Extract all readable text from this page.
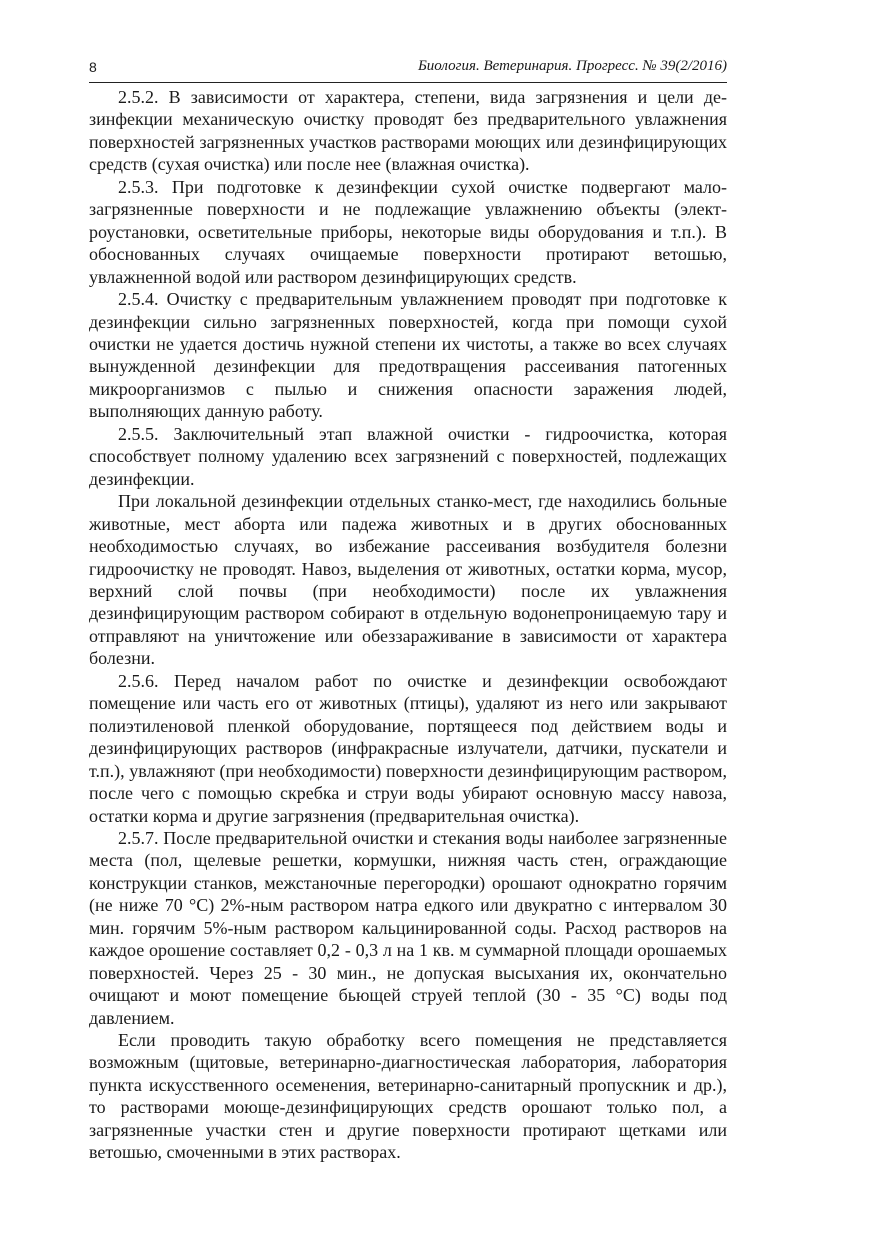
8	Биология. Ветеринария. Прогресс. № 39(2/2016)

2.5.2. В зависимости от характера, степени, вида загрязнения и цели дезинфекции механическую очистку проводят без предварительного увлажнения поверхностей загрязненных участков растворами моющих или дезинфицирующих средств (сухая очистка) или после нее (влажная очистка).

2.5.3. При подготовке к дезинфекции сухой очистке подвергают малозагрязненные поверхности и не подлежащие увлажнению объекты (электроустановки, осветительные приборы, некоторые виды оборудования и т.п.). В обоснованных случаях очищаемые поверхности протирают ветошью, увлажненной водой или раствором дезинфицирующих средств.

2.5.4. Очистку с предварительным увлажнением проводят при подготовке к дезинфекции сильно загрязненных поверхностей, когда при помощи сухой очистки не удается достичь нужной степени их чистоты, а также во всех случаях вынужденной дезинфекции для предотвращения рассеивания патогенных микроорганизмов с пылью и снижения опасности заражения людей, выполняющих данную работу.

2.5.5. Заключительный этап влажной очистки - гидроочистка, которая способствует полному удалению всех загрязнений с поверхностей, подлежащих дезинфекции.

При локальной дезинфекции отдельных станко-мест, где находились больные животные, мест аборта или падежа животных и в других обоснованных необходимостью случаях, во избежание рассеивания возбудителя болезни гидроочистку не проводят. Навоз, выделения от животных, остатки корма, мусор, верхний слой почвы (при необходимости) после их увлажнения дезинфицирующим раствором собирают в отдельную водонепроницаемую тару и отправляют на уничтожение или обеззараживание в зависимости от характера болезни.

2.5.6. Перед началом работ по очистке и дезинфекции освобождают помещение или часть его от животных (птицы), удаляют из него или закрывают полиэтиленовой пленкой оборудование, портящееся под действием воды и дезинфицирующих растворов (инфракрасные излучатели, датчики, пускатели и т.п.), увлажняют (при необходимости) поверхности дезинфицирующим раствором, после чего с помощью скребка и струи воды убирают основную массу навоза, остатки корма и другие загрязнения (предварительная очистка).

2.5.7. После предварительной очистки и стекания воды наиболее загрязненные места (пол, щелевые решетки, кормушки, нижняя часть стен, ограждающие конструкции станков, межстаночные перегородки) орошают однократно горячим (не ниже 70 °С) 2%-ным раствором натра едкого или двукратно с интервалом 30 мин. горячим 5%-ным раствором кальцинированной соды. Расход растворов на каждое орошение составляет 0,2 - 0,3 л на 1 кв. м суммарной площади орошаемых поверхностей. Через 25 - 30 мин., не допуская высыхания их, окончательно очищают и моют помещение бьющей струей теплой (30 - 35 °С) воды под давлением.

Если проводить такую обработку всего помещения не представляется возможным (щитовые, ветеринарно-диагностическая лаборатория, лаборатория пункта искусственного осеменения, ветеринарно-санитарный пропускник и др.), то растворами моюще-дезинфицирующих средств орошают только пол, а загрязненные участки стен и другие поверхности протирают щетками или ветошью, смоченными в этих растворах.
